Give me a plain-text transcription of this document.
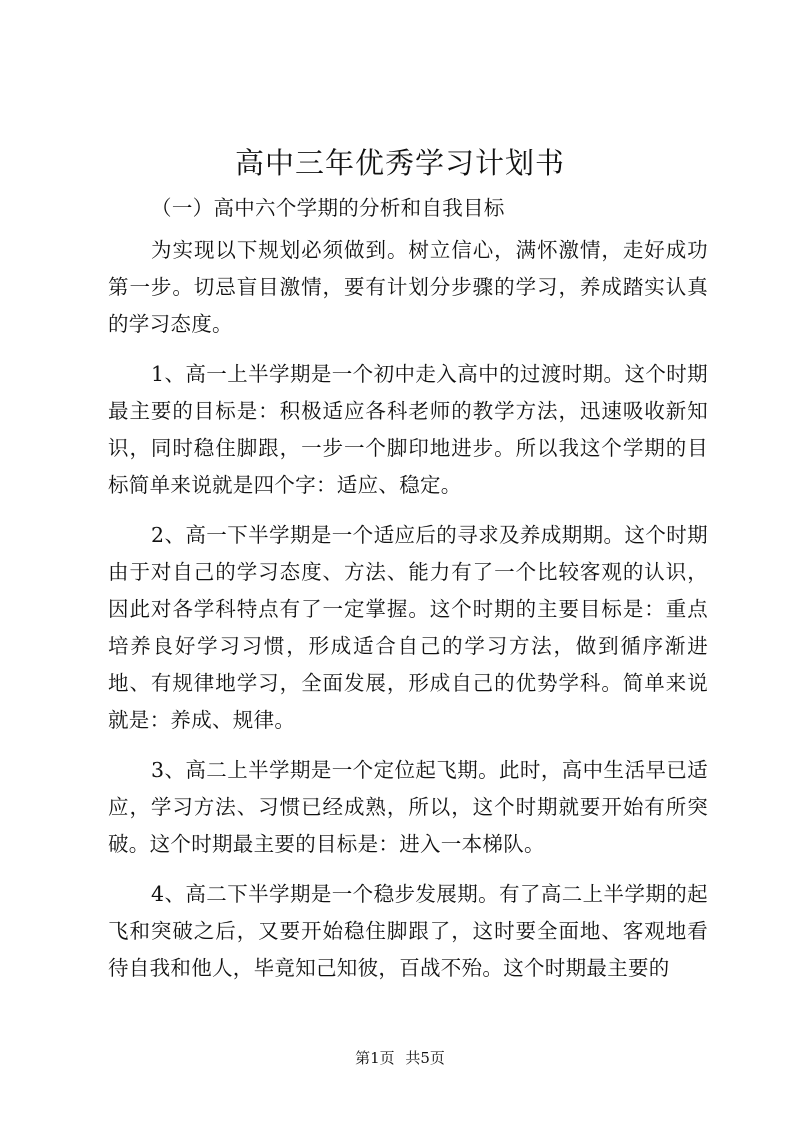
高中三年优秀学习计划书

（一）高中六个学期的分析和自我目标

为实现以下规划必须做到。树立信心，满怀激情，走好成功第一步。切忌盲目激情，要有计划分步骤的学习，养成踏实认真的学习态度。

1、高一上半学期是一个初中走入高中的过渡时期。这个时期最主要的目标是：积极适应各科老师的教学方法，迅速吸收新知识，同时稳住脚跟，一步一个脚印地进步。所以我这个学期的目标简单来说就是四个字：适应、稳定。

2、高一下半学期是一个适应后的寻求及养成期期。这个时期由于对自己的学习态度、方法、能力有了一个比较客观的认识，因此对各学科特点有了一定掌握。这个时期的主要目标是：重点培养良好学习习惯，形成适合自己的学习方法，做到循序渐进地、有规律地学习，全面发展，形成自己的优势学科。简单来说就是：养成、规律。

3、高二上半学期是一个定位起飞期。此时，高中生活早已适应，学习方法、习惯已经成熟，所以，这个时期就要开始有所突破。这个时期最主要的目标是：进入一本梯队。

4、高二下半学期是一个稳步发展期。有了高二上半学期的起飞和突破之后，又要开始稳住脚跟了，这时要全面地、客观地看待自我和他人，毕竟知己知彼，百战不殆。这个时期最主要的

第1页 共5页
